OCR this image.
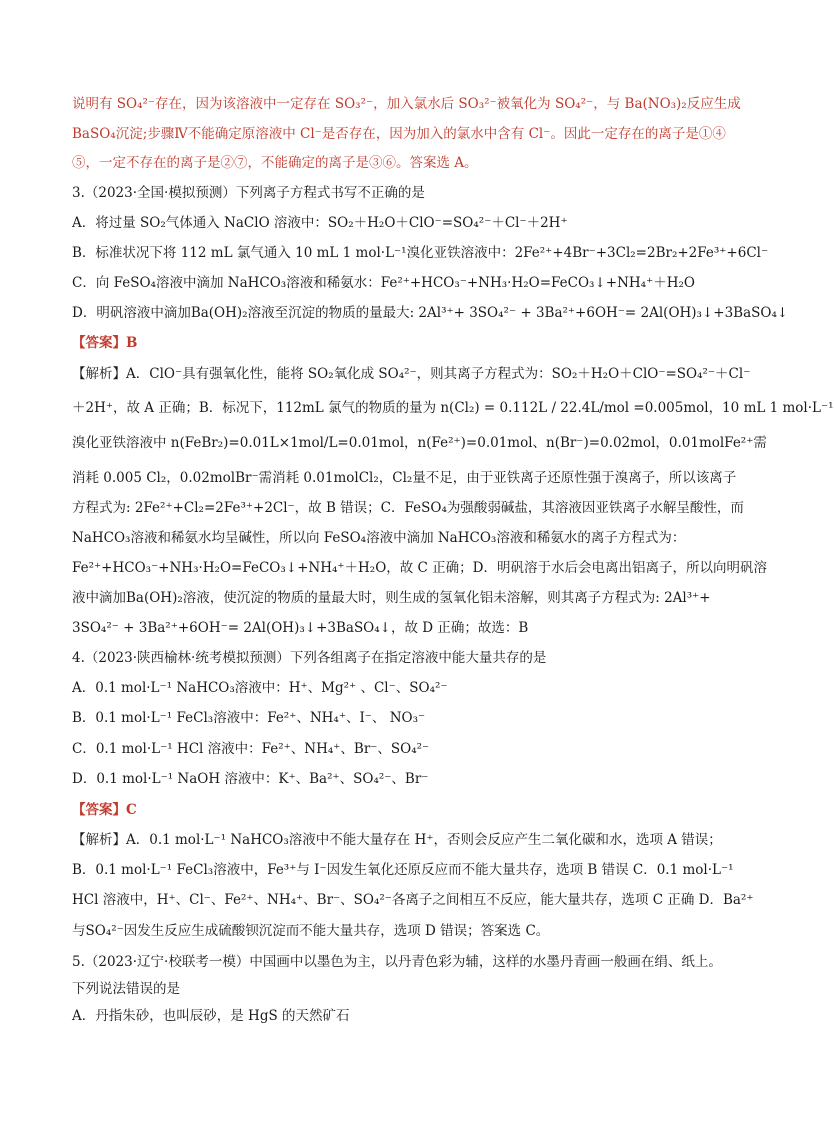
说明有 SO₄²⁻存在，因为该溶液中一定存在 SO₃²⁻，加入氯水后 SO₃²⁻被氧化为 SO₄²⁻，与 Ba(NO₃)₂反应生成
BaSO₄沉淀;步骤Ⅳ不能确定原溶液中 Cl⁻是否存在，因为加入的氯水中含有 Cl⁻。因此一定存在的离子是①④
⑤，一定不存在的离子是②⑦，不能确定的离子是③⑥。答案选 A。
3.（2023·全国·模拟预测）下列离子方程式书写不正确的是
A．将过量 SO₂气体通入 NaClO 溶液中：SO₂＋H₂O＋ClO⁻=SO₄²⁻＋Cl⁻＋2H⁺
B．标准状况下将 112 mL 氯气通入 10 mL 1 mol·L⁻¹溴化亚铁溶液中：2Fe²⁺+4Br⁻+3Cl₂=2Br₂+2Fe³⁺+6Cl⁻
C．向 FeSO₄溶液中滴加 NaHCO₃溶液和稀氨水：Fe²⁺+HCO₃⁻+NH₃·H₂O=FeCO₃↓+NH₄⁺＋H₂O
D．明矾溶液中滴加Ba(OH)₂溶液至沉淀的物质的量最大: 2Al³⁺+ 3SO₄²⁻ + 3Ba²⁺+6OH⁻= 2Al(OH)₃↓+3BaSO₄↓
【答案】B
【解析】A．ClO⁻具有强氧化性，能将 SO₂氧化成 SO₄²⁻，则其离子方程式为：SO₂＋H₂O＋ClO⁻=SO₄²⁻＋Cl⁻
＋2H⁺，故 A 正确；B．标况下，112mL 氯气的物质的量为 n(Cl₂) = 0.112L / 22.4L/mol =0.005mol，10 mL 1 mol·L⁻¹
溴化亚铁溶液中 n(FeBr₂)=0.01L×1mol/L=0.01mol，n(Fe²⁺)=0.01mol、n(Br⁻)=0.02mol，0.01molFe²⁺需
消耗 0.005 Cl₂，0.02molBr⁻需消耗 0.01molCl₂，Cl₂量不足，由于亚铁离子还原性强于溴离子，所以该离子
方程式为: 2Fe²⁺+Cl₂=2Fe³⁺+2Cl⁻，故 B 错误；C．FeSO₄为强酸弱碱盐，其溶液因亚铁离子水解呈酸性，而
NaHCO₃溶液和稀氨水均呈碱性，所以向 FeSO₄溶液中滴加 NaHCO₃溶液和稀氨水的离子方程式为：
Fe²⁺+HCO₃⁻+NH₃·H₂O=FeCO₃↓+NH₄⁺＋H₂O，故 C 正确；D．明矾溶于水后会电离出铝离子，所以向明矾溶
液中滴加Ba(OH)₂溶液，使沉淀的物质的量最大时，则生成的氢氧化铝未溶解，则其离子方程式为: 2Al³⁺+
3SO₄²⁻ + 3Ba²⁺+6OH⁻= 2Al(OH)₃↓+3BaSO₄↓，故 D 正确；故选：B
4.（2023·陕西榆林·统考模拟预测）下列各组离子在指定溶液中能大量共存的是
A．0.1 mol·L⁻¹ NaHCO₃溶液中：H⁺、Mg²⁺ 、Cl⁻、SO₄²⁻
B．0.1 mol·L⁻¹ FeCl₃溶液中：Fe²⁺、NH₄⁺、I⁻、 NO₃⁻
C．0.1 mol·L⁻¹ HCl 溶液中：Fe²⁺、NH₄⁺、Br⁻、SO₄²⁻
D．0.1 mol·L⁻¹ NaOH 溶液中：K⁺、Ba²⁺、SO₄²⁻、Br⁻
【答案】C
【解析】A．0.1 mol·L⁻¹ NaHCO₃溶液中不能大量存在 H⁺，否则会反应产生二氧化碳和水，选项 A 错误；
B．0.1 mol·L⁻¹ FeCl₃溶液中，Fe³⁺与 I⁻因发生氧化还原反应而不能大量共存，选项 B 错误 C．0.1 mol·L⁻¹
HCl 溶液中，H⁺、Cl⁻、Fe²⁺、NH₄⁺、Br⁻、SO₄²⁻各离子之间相互不反应，能大量共存，选项 C 正确 D．Ba²⁺
与SO₄²⁻因发生反应生成硫酸钡沉淀而不能大量共存，选项 D 错误；答案选 C。
5.（2023·辽宁·校联考一模）中国画中以墨色为主，以丹青色彩为辅，这样的水墨丹青画一般画在绢、纸上。
下列说法错误的是
A．丹指朱砂，也叫辰砂，是 HgS 的天然矿石
